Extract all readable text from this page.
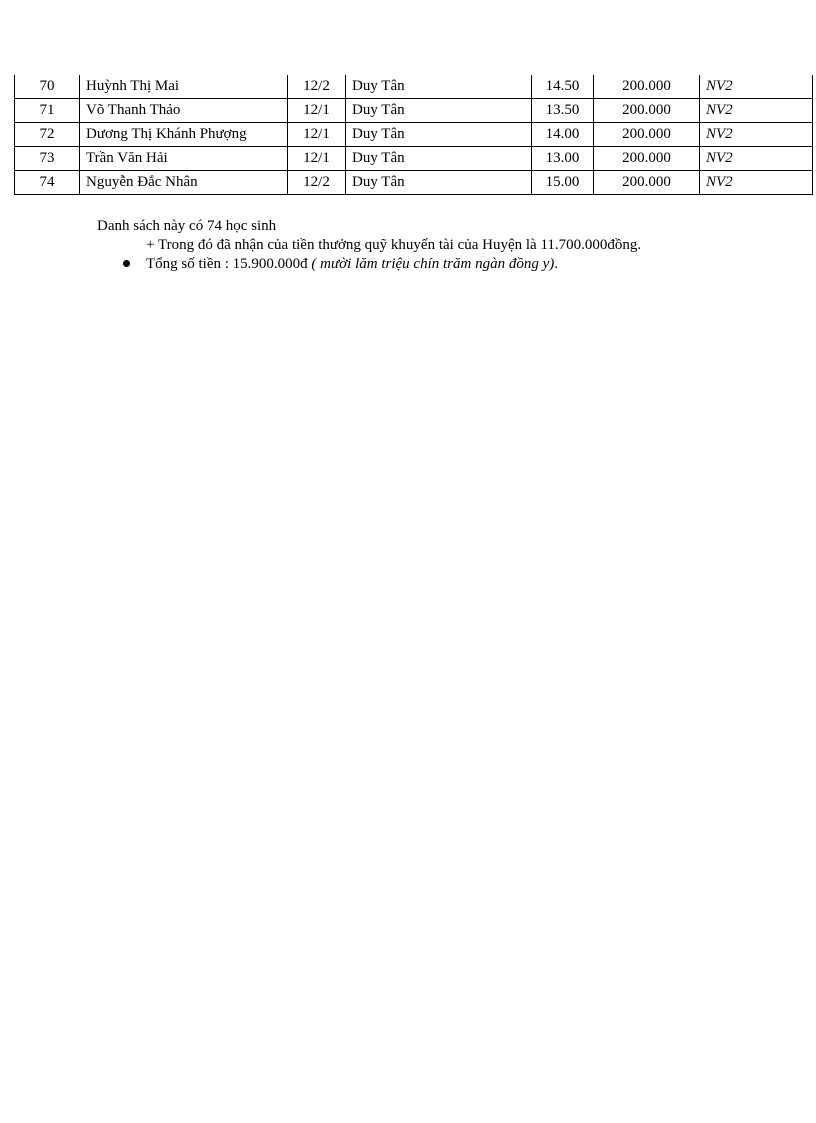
70	Huỳnh Thị Mai	12/2	Duy Tân	14.50	200.000	NV2
71	Võ Thanh Thảo	12/1	Duy Tân	13.50	200.000	NV2
72	Dương Thị Khánh Phượng	12/1	Duy Tân	14.00	200.000	NV2
73	Trần Văn Hải	12/1	Duy Tân	13.00	200.000	NV2
74	Nguyễn Đắc Nhân	12/2	Duy Tân	15.00	200.000	NV2
Danh sách này có 74 học sinh
+ Trong đó đã nhận của tiền thưởng quỹ khuyến tài của Huyện là 11.700.000đồng.
Tổng số tiền : 15.900.000đ ( mười lăm triệu chín trăm ngàn đồng y).
